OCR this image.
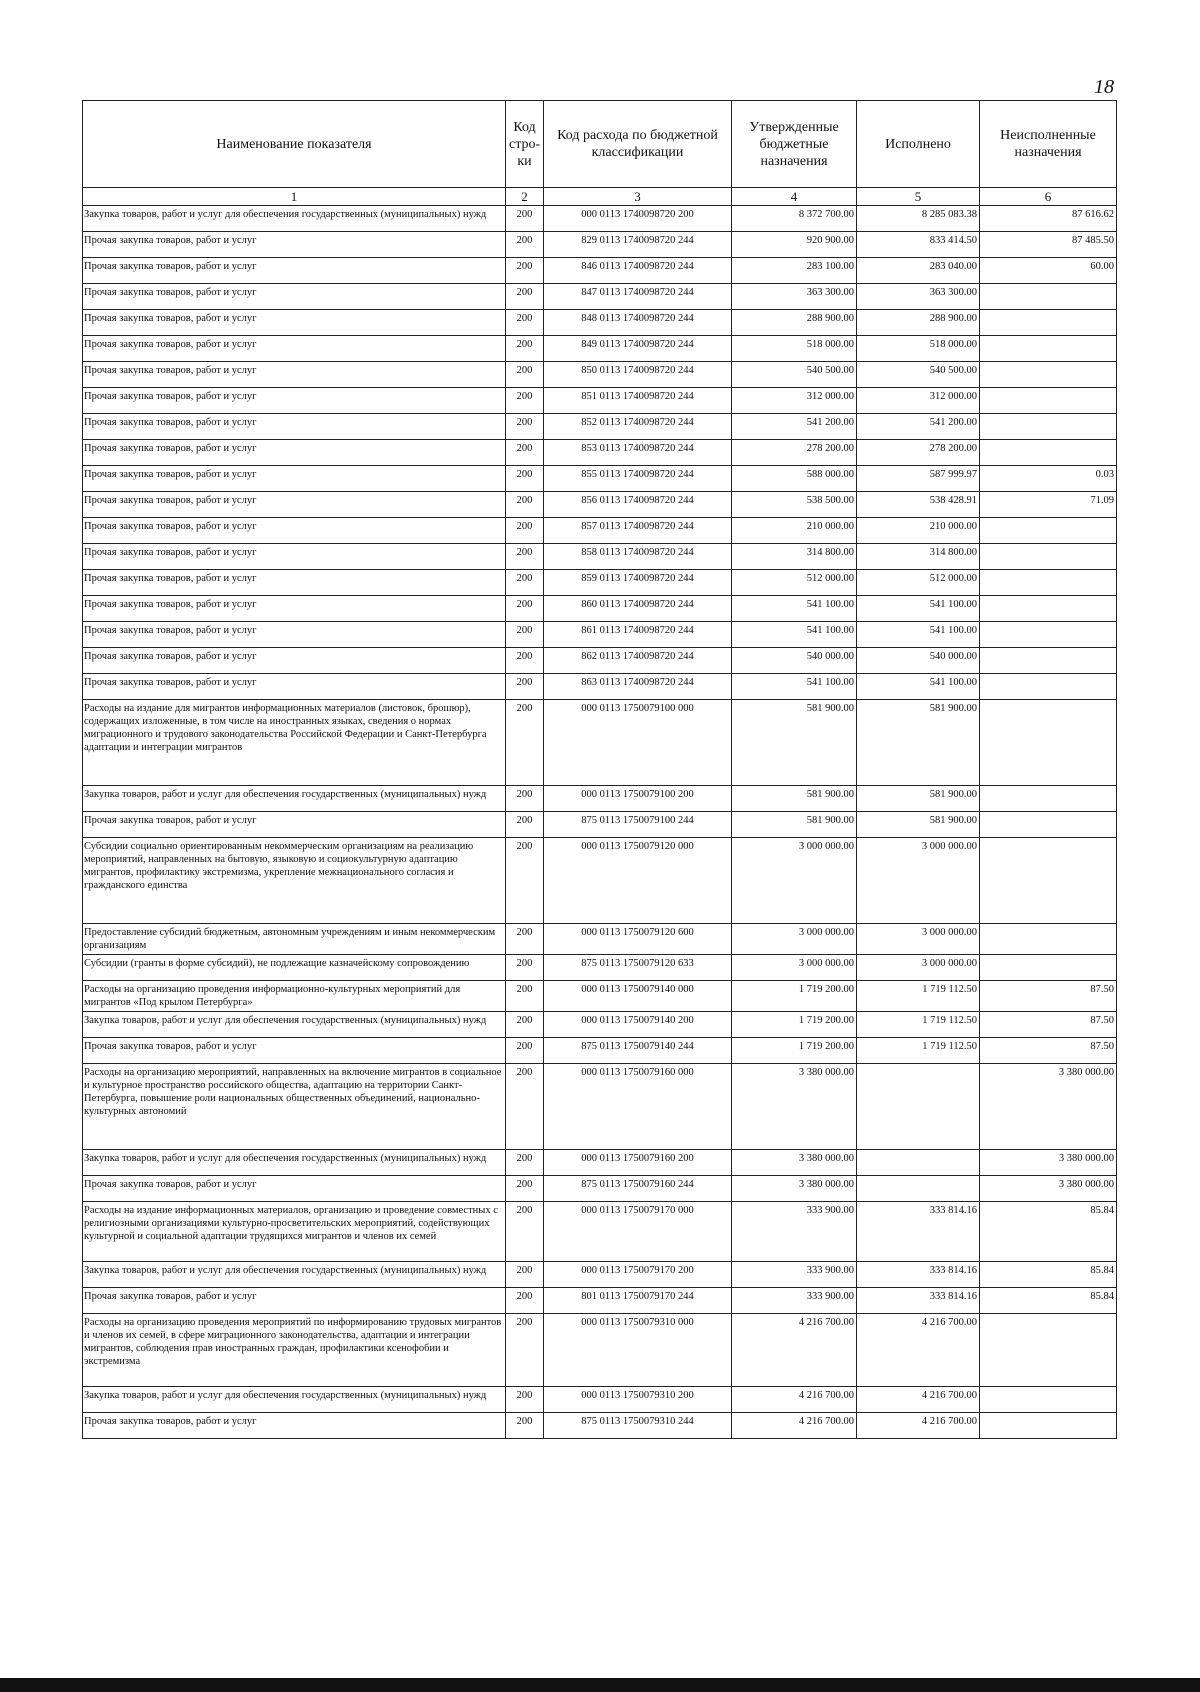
18
Наименование показателя	Код стро- ки	Код расхода по бюджетной классификации	Утвержденные бюджетные назначения	Исполнено	Неисполненные назначения
1	2	3	4	5	6
Закупка товаров, работ и услуг для обеспечения государственных (муниципальных) нужд	200	000 0113 1740098720 200	8 372 700.00	8 285 083.38	87 616.62
Прочая закупка товаров, работ и услуг	200	829 0113 1740098720 244	920 900.00	833 414.50	87 485.50
Прочая закупка товаров, работ и услуг	200	846 0113 1740098720 244	283 100.00	283 040.00	60.00
Прочая закупка товаров, работ и услуг	200	847 0113 1740098720 244	363 300.00	363 300.00	
Прочая закупка товаров, работ и услуг	200	848 0113 1740098720 244	288 900.00	288 900.00	
Прочая закупка товаров, работ и услуг	200	849 0113 1740098720 244	518 000.00	518 000.00	
Прочая закупка товаров, работ и услуг	200	850 0113 1740098720 244	540 500.00	540 500.00	
Прочая закупка товаров, работ и услуг	200	851 0113 1740098720 244	312 000.00	312 000.00	
Прочая закупка товаров, работ и услуг	200	852 0113 1740098720 244	541 200.00	541 200.00	
Прочая закупка товаров, работ и услуг	200	853 0113 1740098720 244	278 200.00	278 200.00	
Прочая закупка товаров, работ и услуг	200	855 0113 1740098720 244	588 000.00	587 999.97	0.03
Прочая закупка товаров, работ и услуг	200	856 0113 1740098720 244	538 500.00	538 428.91	71.09
Прочая закупка товаров, работ и услуг	200	857 0113 1740098720 244	210 000.00	210 000.00	
Прочая закупка товаров, работ и услуг	200	858 0113 1740098720 244	314 800.00	314 800.00	
Прочая закупка товаров, работ и услуг	200	859 0113 1740098720 244	512 000.00	512 000.00	
Прочая закупка товаров, работ и услуг	200	860 0113 1740098720 244	541 100.00	541 100.00	
Прочая закупка товаров, работ и услуг	200	861 0113 1740098720 244	541 100.00	541 100.00	
Прочая закупка товаров, работ и услуг	200	862 0113 1740098720 244	540 000.00	540 000.00	
Прочая закупка товаров, работ и услуг	200	863 0113 1740098720 244	541 100.00	541 100.00	
Расходы на издание для мигрантов информационных материалов (листовок, брошюр), содержащих изложенные, в том числе на иностранных языках, сведения о нормах миграционного и трудового законодательства Российской Федерации и Санкт-Петербурга адаптации и интеграции мигрантов	200	000 0113 1750079100 000	581 900.00	581 900.00	
Закупка товаров, работ и услуг для обеспечения государственных (муниципальных) нужд	200	000 0113 1750079100 200	581 900.00	581 900.00	
Прочая закупка товаров, работ и услуг	200	875 0113 1750079100 244	581 900.00	581 900.00	
Субсидии социально ориентированным некоммерческим организациям на реализацию мероприятий, направленных на бытовую, языковую и социокультурную адаптацию мигрантов, профилактику экстремизма, укрепление межнационального согласия и гражданского единства	200	000 0113 1750079120 000	3 000 000.00	3 000 000.00	
Предоставление субсидий бюджетным, автономным учреждениям и иным некоммерческим организациям	200	000 0113 1750079120 600	3 000 000.00	3 000 000.00	
Субсидии (гранты в форме субсидий), не подлежащие казначейскому сопровождению	200	875 0113 1750079120 633	3 000 000.00	3 000 000.00	
Расходы на организацию проведения информационно-культурных мероприятий для мигрантов «Под крылом Петербурга»	200	000 0113 1750079140 000	1 719 200.00	1 719 112.50	87.50
Закупка товаров, работ и услуг для обеспечения государственных (муниципальных) нужд	200	000 0113 1750079140 200	1 719 200.00	1 719 112.50	87.50
Прочая закупка товаров, работ и услуг	200	875 0113 1750079140 244	1 719 200.00	1 719 112.50	87.50
Расходы на организацию мероприятий, направленных на включение мигрантов в социальное и культурное пространство российского общества, адаптацию на территории Санкт-Петербурга, повышение роли национальных общественных объединений, национально-культурных автономий	200	000 0113 1750079160 000	3 380 000.00		3 380 000.00
Закупка товаров, работ и услуг для обеспечения государственных (муниципальных) нужд	200	000 0113 1750079160 200	3 380 000.00		3 380 000.00
Прочая закупка товаров, работ и услуг	200	875 0113 1750079160 244	3 380 000.00		3 380 000.00
Расходы на издание информационных материалов, организацию и проведение совместных с религиозными организациями культурно-просветительских мероприятий, содействующих культурной и социальной адаптации трудящихся мигрантов и членов их семей	200	000 0113 1750079170 000	333 900.00	333 814.16	85.84
Закупка товаров, работ и услуг для обеспечения государственных (муниципальных) нужд	200	000 0113 1750079170 200	333 900.00	333 814.16	85.84
Прочая закупка товаров, работ и услуг	200	801 0113 1750079170 244	333 900.00	333 814.16	85.84
Расходы на организацию проведения мероприятий по информированию трудовых мигрантов и членов их семей, в сфере миграционного законодательства, адаптации и интеграции мигрантов, соблюдения прав иностранных граждан, профилактики ксенофобии и экстремизма	200	000 0113 1750079310 000	4 216 700.00	4 216 700.00	
Закупка товаров, работ и услуг для обеспечения государственных (муниципальных) нужд	200	000 0113 1750079310 200	4 216 700.00	4 216 700.00	
Прочая закупка товаров, работ и услуг	200	875 0113 1750079310 244	4 216 700.00	4 216 700.00	
